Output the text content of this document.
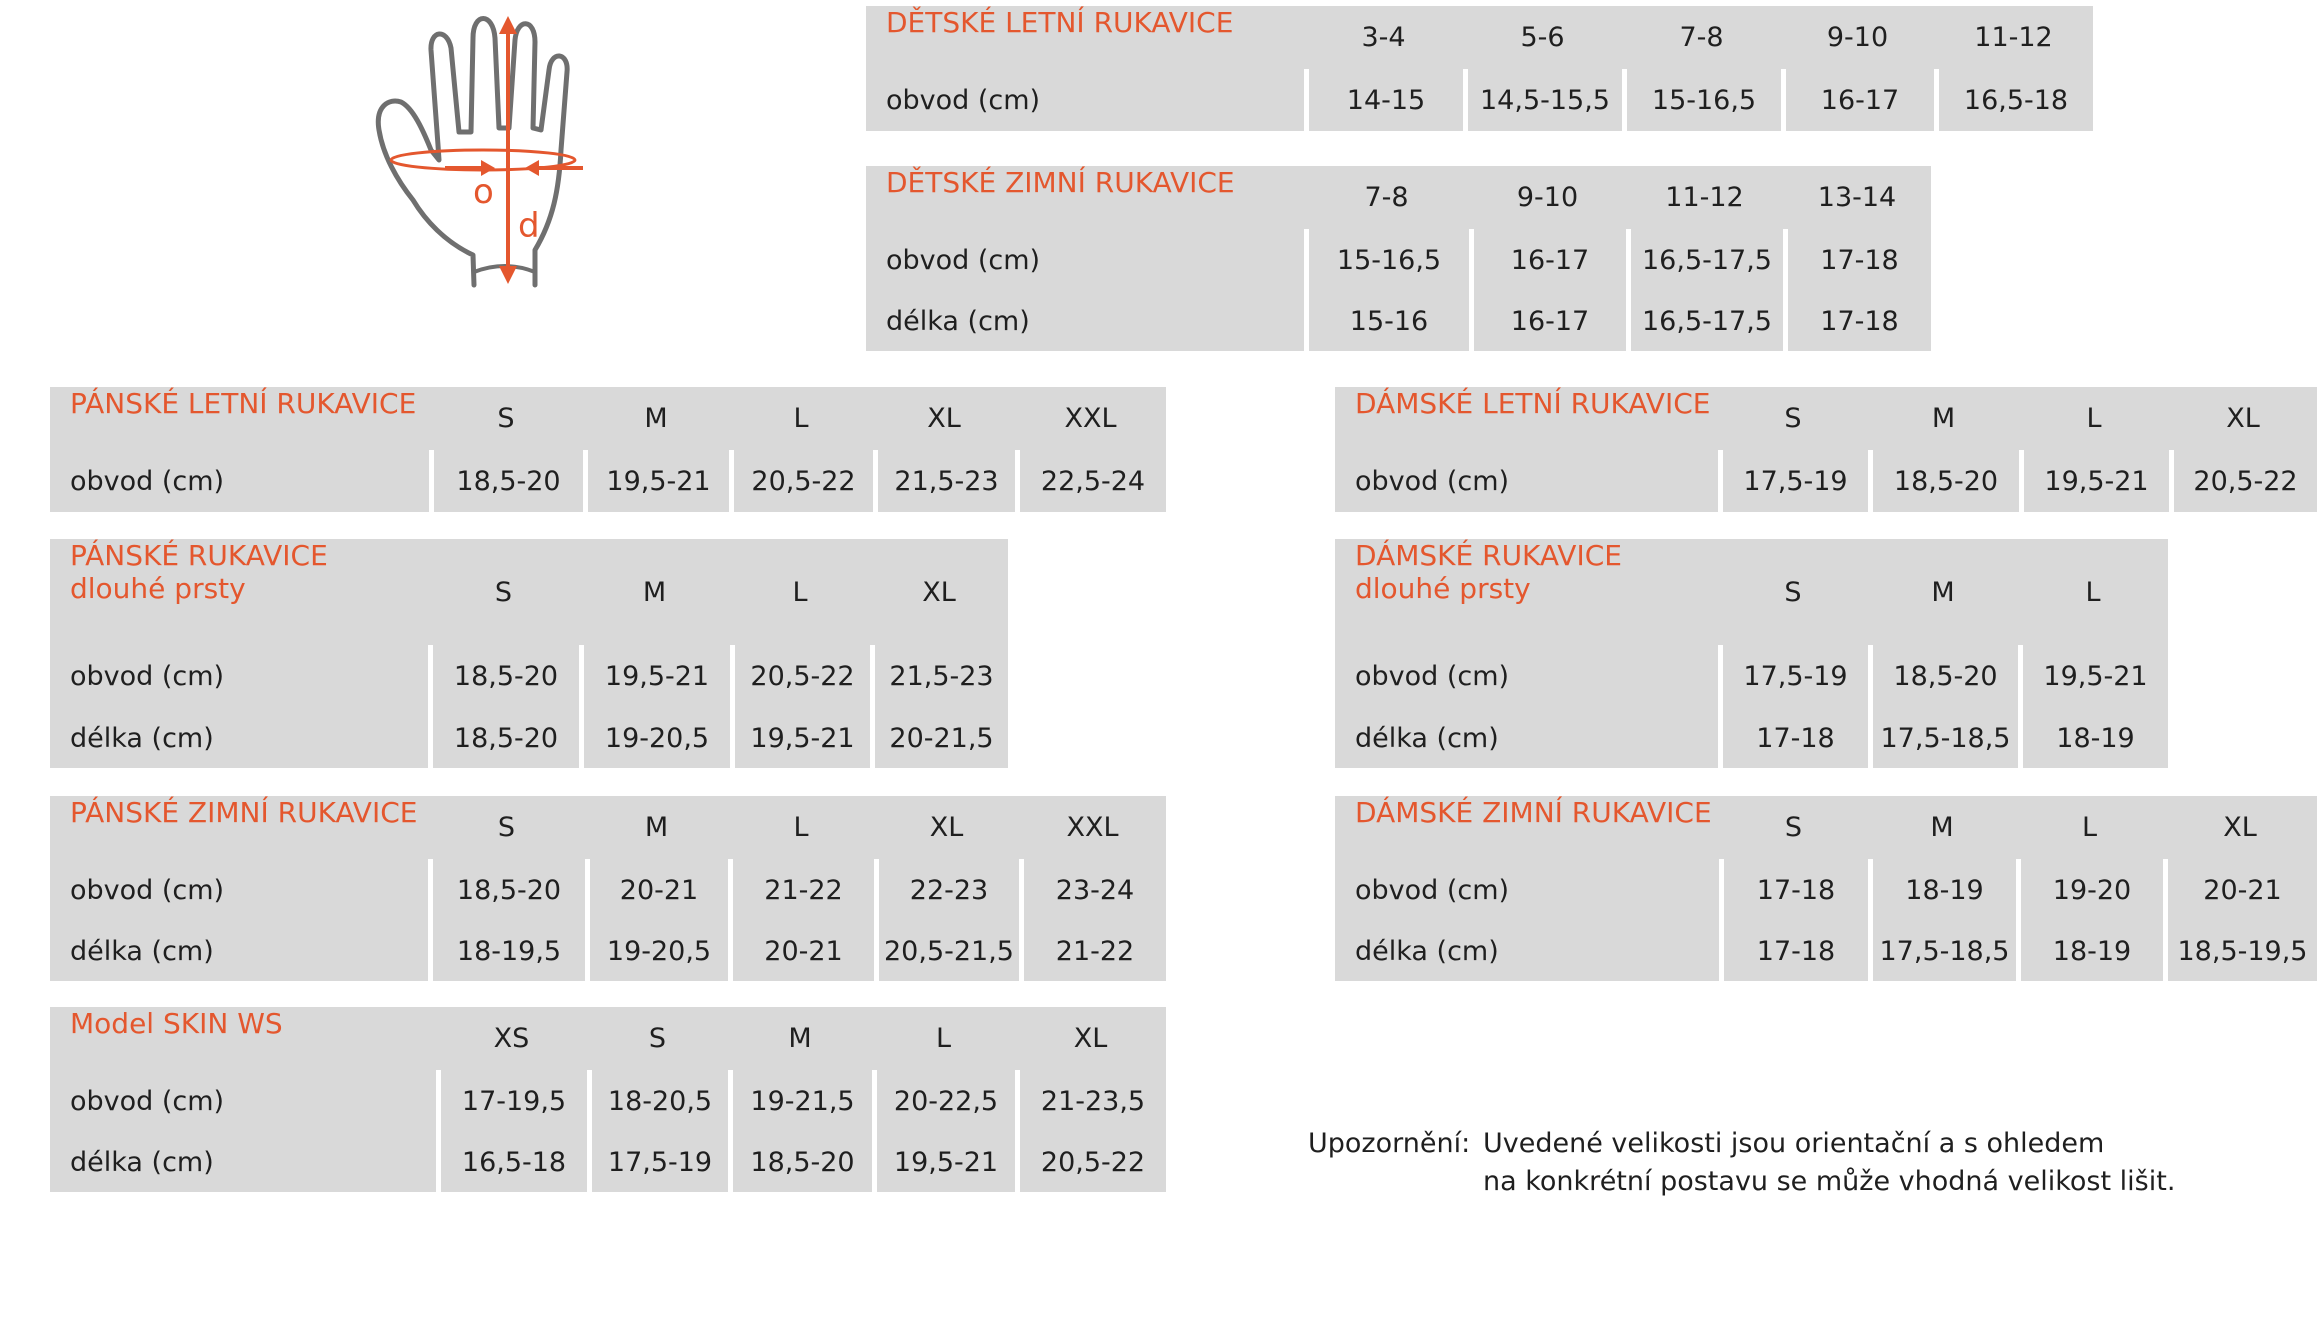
o
d
DĚTSKÉ LETNÍ RUKAVICE	3-4	5-6	7-8	9-10	11-12
obvod (cm)	14-15	14,5-15,5	15-16,5	16-17	16,5-18
DĚTSKÉ ZIMNÍ RUKAVICE	7-8	9-10	11-12	13-14
obvod (cm)	15-16,5	16-17	16,5-17,5	17-18
délka (cm)	15-16	16-17	16,5-17,5	17-18
PÁNSKÉ LETNÍ RUKAVICE	S	M	L	XL	XXL
obvod (cm)	18,5-20	19,5-21	20,5-22	21,5-23	22,5-24
PÁNSKÉ RUKAVICE
dlouhé prsty	S	M	L	XL
obvod (cm)	18,5-20	19,5-21	20,5-22	21,5-23
délka (cm)	18,5-20	19-20,5	19,5-21	20-21,5
PÁNSKÉ ZIMNÍ RUKAVICE	S	M	L	XL	XXL
obvod (cm)	18,5-20	20-21	21-22	22-23	23-24
délka (cm)	18-19,5	19-20,5	20-21	20,5-21,5	21-22
Model SKIN WS	XS	S	M	L	XL
obvod (cm)	17-19,5	18-20,5	19-21,5	20-22,5	21-23,5
délka (cm)	16,5-18	17,5-19	18,5-20	19,5-21	20,5-22
DÁMSKÉ LETNÍ RUKAVICE	S	M	L	XL
obvod (cm)	17,5-19	18,5-20	19,5-21	20,5-22
DÁMSKÉ RUKAVICE
dlouhé prsty	S	M	L
obvod (cm)	17,5-19	18,5-20	19,5-21
délka (cm)	17-18	17,5-18,5	18-19
DÁMSKÉ ZIMNÍ RUKAVICE	S	M	L	XL
obvod (cm)	17-18	18-19	19-20	20-21
délka (cm)	17-18	17,5-18,5	18-19	18,5-19,5
Upozornění: Uvedené velikosti jsou orientační a s ohledem
na konkrétní postavu se může vhodná velikost lišit.
